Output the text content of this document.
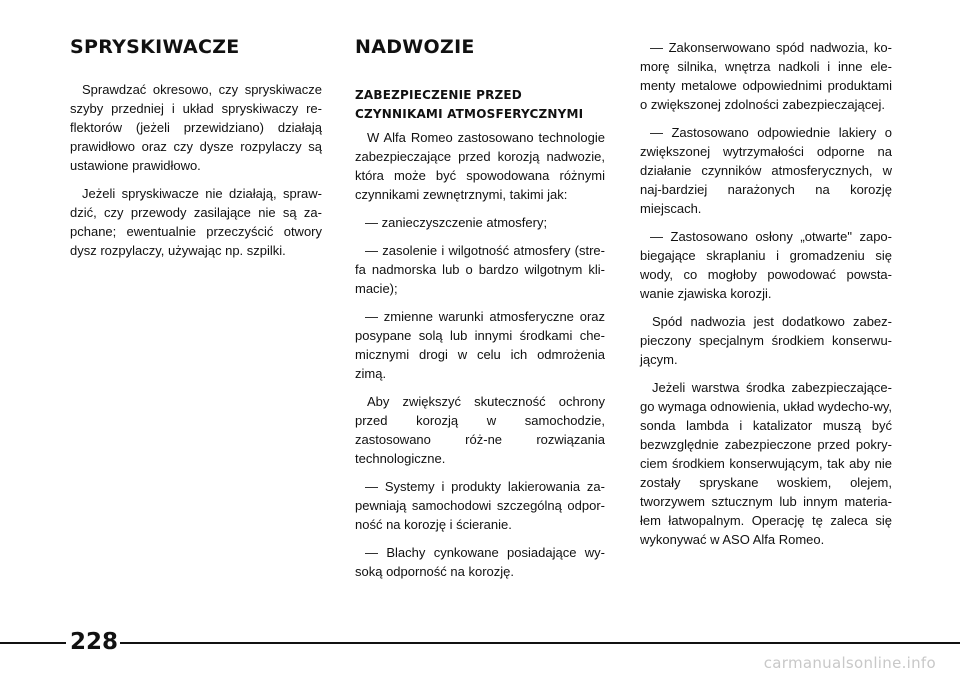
SPRYSKIWACZE

Sprawdzać okresowo, czy spryskiwacze szyby przedniej i układ spryskiwaczy re-flektorów (jeżeli przewidziano) działają prawidłowo oraz czy dysze rozpylaczy są ustawione prawidłowo.

Jeżeli spryskiwacze nie działają, spraw-dzić, czy przewody zasilające nie są za-pchane; ewentualnie przeczyścić otwory dysz rozpylaczy, używając np. szpilki.

NADWOZIE
ZABEZPIECZENIE PRZED CZYNNIKAMI ATMOSFERYCZNYMI

W Alfa Romeo zastosowano technologie zabezpieczające przed korozją nadwozie, która może być spowodowana różnymi czynnikami zewnętrznymi, takimi jak:

— zanieczyszczenie atmosfery;

— zasolenie i wilgotność atmosfery (stre-fa nadmorska lub o bardzo wilgotnym kli-macie);

— zmienne warunki atmosferyczne oraz posypane solą lub innymi środkami che-micznymi drogi w celu ich odmrożenia zimą.

Aby zwiększyć skuteczność ochrony przed korozją w samochodzie, zastosowano róż-ne rozwiązania technologiczne.

— Systemy i produkty lakierowania za-pewniają samochodowi szczególną odpor-ność na korozję i ścieranie.

— Blachy cynkowane posiadające wy-soką odporność na korozję.

— Zakonserwowano spód nadwozia, ko-morę silnika, wnętrza nadkoli i inne ele-menty metalowe odpowiednimi produktami o zwiększonej zdolności zabezpieczającej.

— Zastosowano odpowiednie lakiery o zwiększonej wytrzymałości odporne na działanie czynników atmosferycznych, w naj-bardziej narażonych na korozję miejscach.

— Zastosowano osłony „otwarte" zapo-biegające skraplaniu i gromadzeniu się wody, co mogłoby powodować powsta-wanie zjawiska korozji.

Spód nadwozia jest dodatkowo zabez-pieczony specjalnym środkiem konserwu-jącym.

Jeżeli warstwa środka zabezpieczające-go wymaga odnowienia, układ wydecho-wy, sonda lambda i katalizator muszą być bezwzględnie zabezpieczone przed pokry-ciem środkiem konserwującym, tak aby nie zostały spryskane woskiem, olejem, tworzywem sztucznym lub innym materia-łem łatwopalnym. Operację tę zaleca się wykonywać w ASO Alfa Romeo.

228
carmanualsonline.info
